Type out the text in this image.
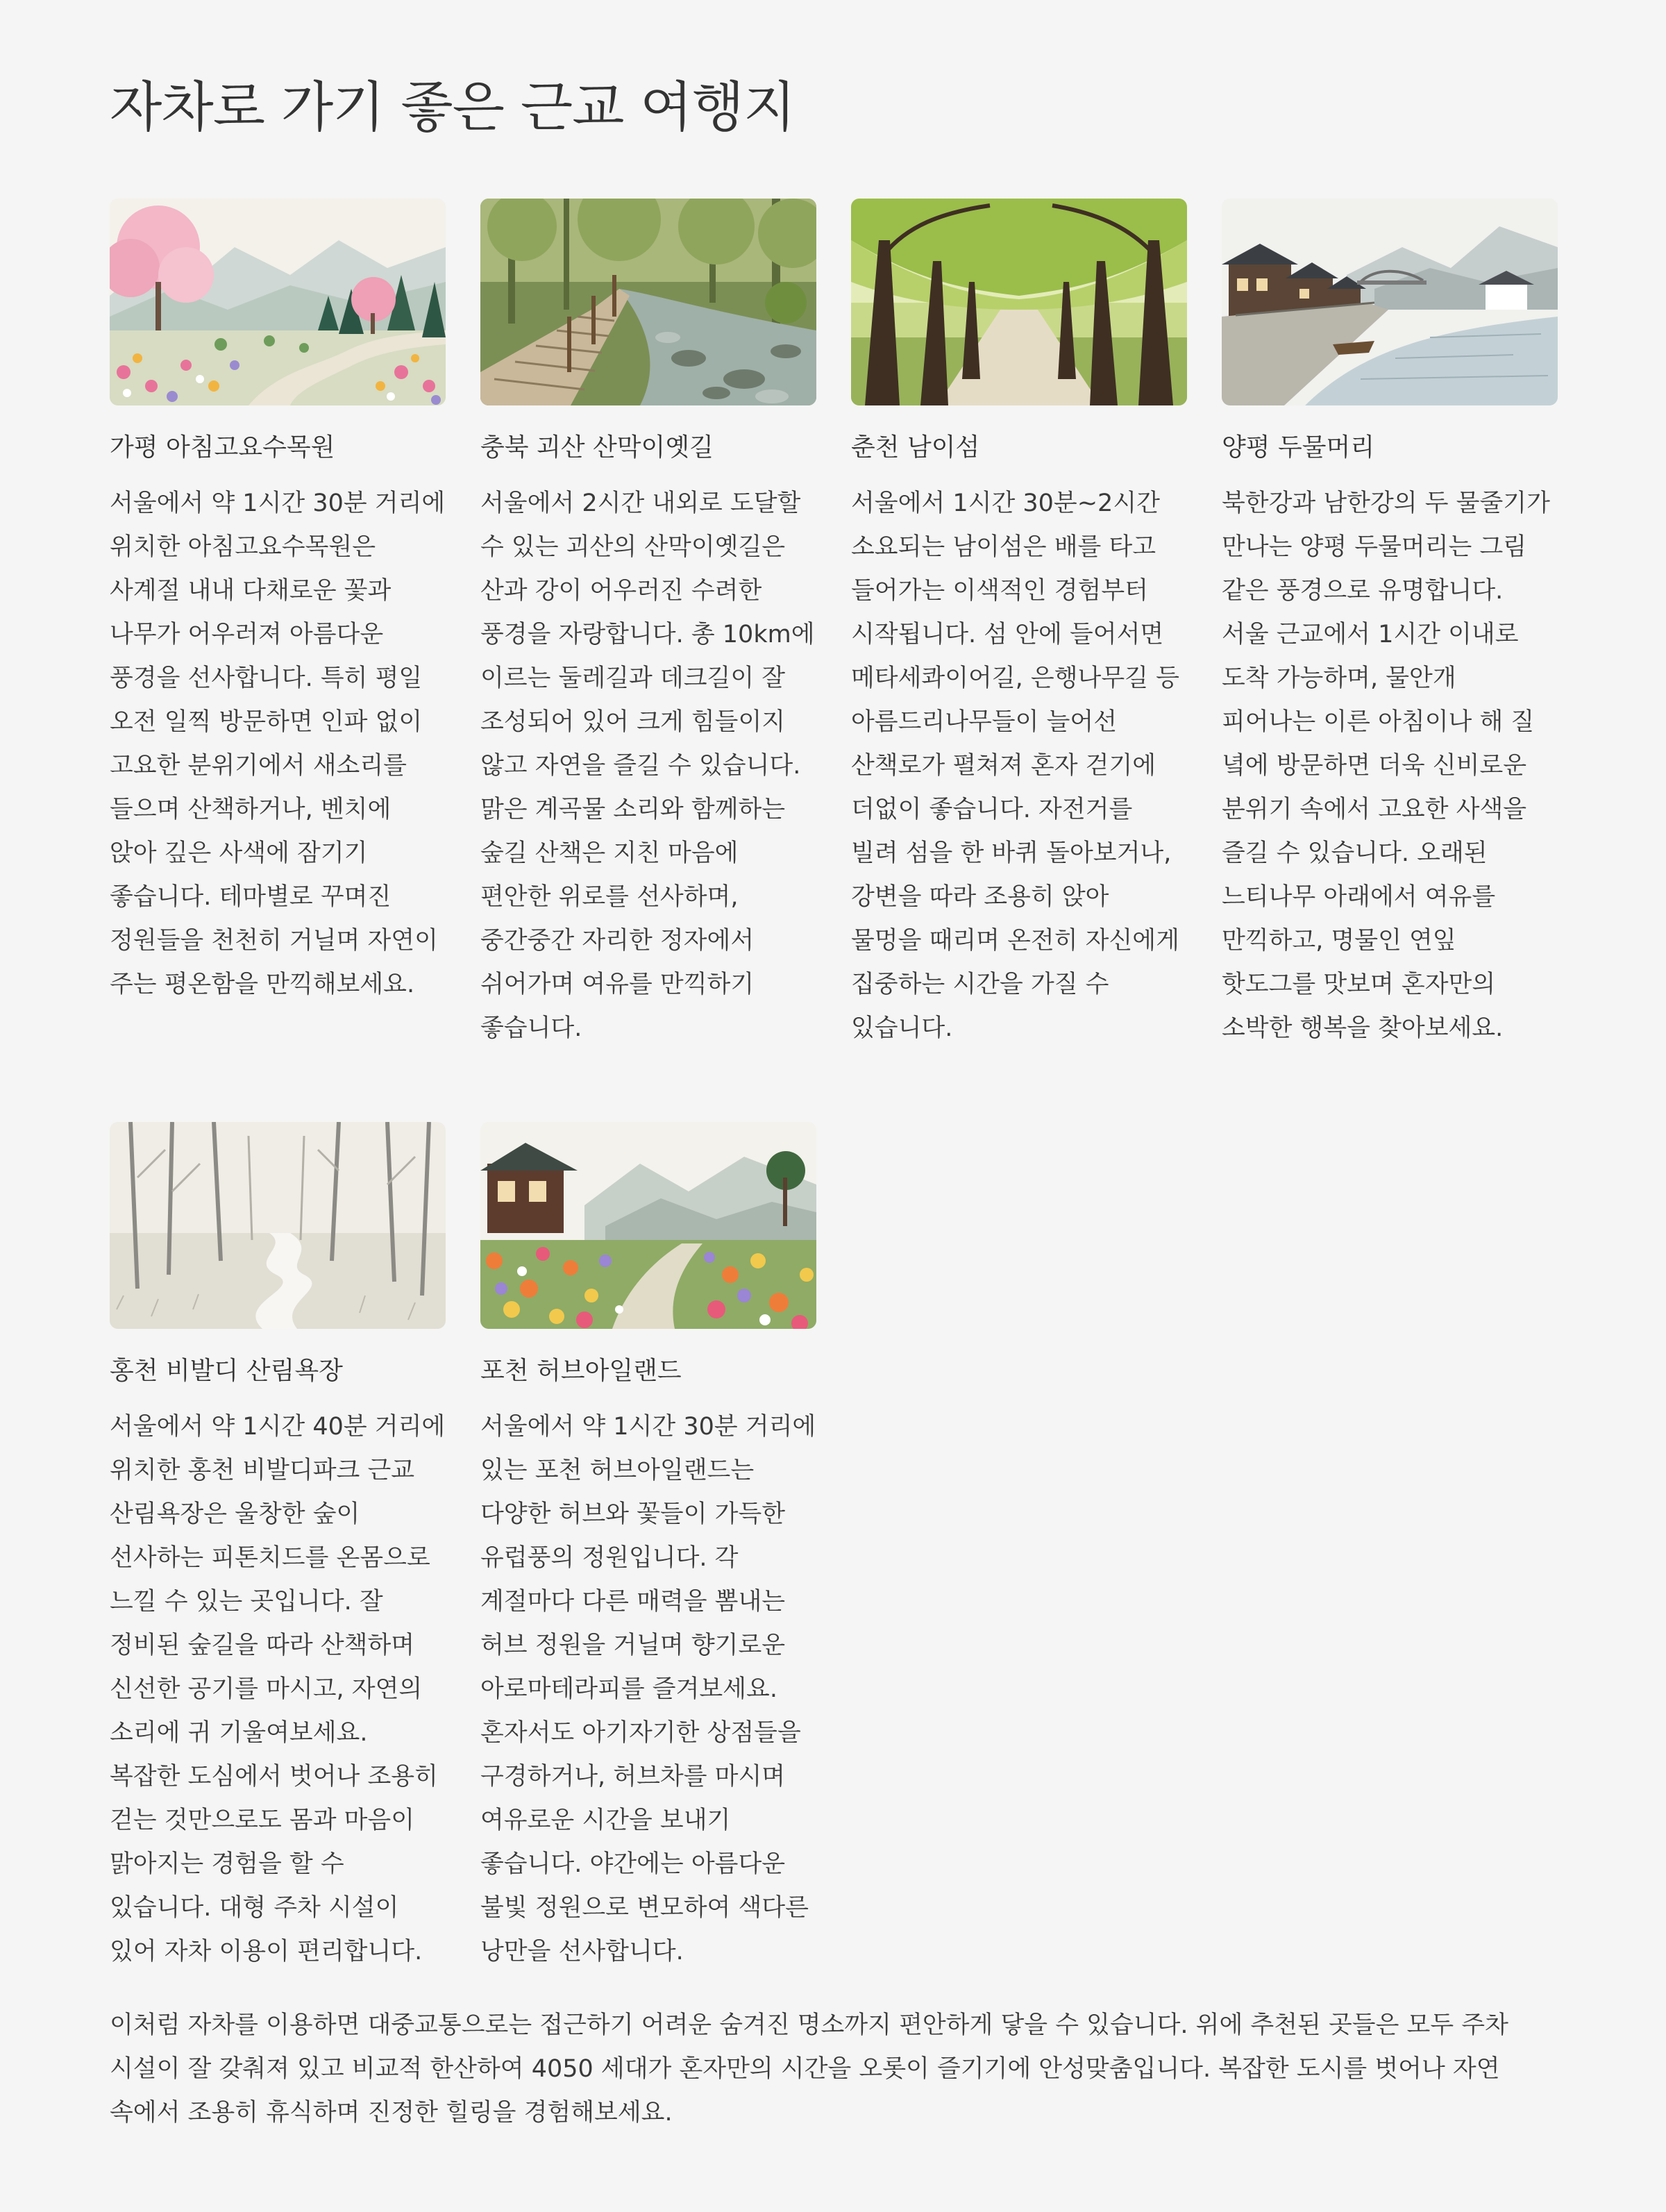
자차로 가기 좋은 근교 여행지
가평 아침고요수목원

서울에서 약 1시간 30분 거리에 위치한 아침고요수목원은 사계절 내내 다채로운 꽃과 나무가 어우러져 아름다운 풍경을 선사합니다. 특히 평일 오전 일찍 방문하면 인파 없이 고요한 분위기에서 새소리를 들으며 산책하거나, 벤치에 앉아 깊은 사색에 잠기기 좋습니다. 테마별로 꾸며진 정원들을 천천히 거닐며 자연이 주는 평온함을 만끽해보세요.

충북 괴산 산막이옛길

서울에서 2시간 내외로 도달할 수 있는 괴산의 산막이옛길은 산과 강이 어우러진 수려한 풍경을 자랑합니다. 총 10km에 이르는 둘레길과 데크길이 잘 조성되어 있어 크게 힘들이지 않고 자연을 즐길 수 있습니다. 맑은 계곡물 소리와 함께하는 숲길 산책은 지친 마음에 편안한 위로를 선사하며, 중간중간 자리한 정자에서 쉬어가며 여유를 만끽하기 좋습니다.

춘천 남이섬

서울에서 1시간 30분~2시간 소요되는 남이섬은 배를 타고 들어가는 이색적인 경험부터 시작됩니다. 섬 안에 들어서면 메타세콰이어길, 은행나무길 등 아름드리나무들이 늘어선 산책로가 펼쳐져 혼자 걷기에 더없이 좋습니다. 자전거를 빌려 섬을 한 바퀴 돌아보거나, 강변을 따라 조용히 앉아 물멍을 때리며 온전히 자신에게 집중하는 시간을 가질 수 있습니다.

양평 두물머리

북한강과 남한강의 두 물줄기가 만나는 양평 두물머리는 그림 같은 풍경으로 유명합니다. 서울 근교에서 1시간 이내로 도착 가능하며, 물안개 피어나는 이른 아침이나 해 질 녘에 방문하면 더욱 신비로운 분위기 속에서 고요한 사색을 즐길 수 있습니다. 오래된 느티나무 아래에서 여유를 만끽하고, 명물인 연잎 핫도그를 맛보며 혼자만의 소박한 행복을 찾아보세요.

홍천 비발디 산림욕장

서울에서 약 1시간 40분 거리에 위치한 홍천 비발디파크 근교 산림욕장은 울창한 숲이 선사하는 피톤치드를 온몸으로 느낄 수 있는 곳입니다. 잘 정비된 숲길을 따라 산책하며 신선한 공기를 마시고, 자연의 소리에 귀 기울여보세요. 복잡한 도심에서 벗어나 조용히 걷는 것만으로도 몸과 마음이 맑아지는 경험을 할 수 있습니다. 대형 주차 시설이 있어 자차 이용이 편리합니다.

포천 허브아일랜드

서울에서 약 1시간 30분 거리에 있는 포천 허브아일랜드는 다양한 허브와 꽃들이 가득한 유럽풍의 정원입니다. 각 계절마다 다른 매력을 뽐내는 허브 정원을 거닐며 향기로운 아로마테라피를 즐겨보세요. 혼자서도 아기자기한 상점들을 구경하거나, 허브차를 마시며 여유로운 시간을 보내기 좋습니다. 야간에는 아름다운 불빛 정원으로 변모하여 색다른 낭만을 선사합니다.

이처럼 자차를 이용하면 대중교통으로는 접근하기 어려운 숨겨진 명소까지 편안하게 닿을 수 있습니다. 위에 추천된 곳들은 모두 주차 시설이 잘 갖춰져 있고 비교적 한산하여 4050 세대가 혼자만의 시간을 오롯이 즐기기에 안성맞춤입니다. 복잡한 도시를 벗어나 자연 속에서 조용히 휴식하며 진정한 힐링을 경험해보세요.
